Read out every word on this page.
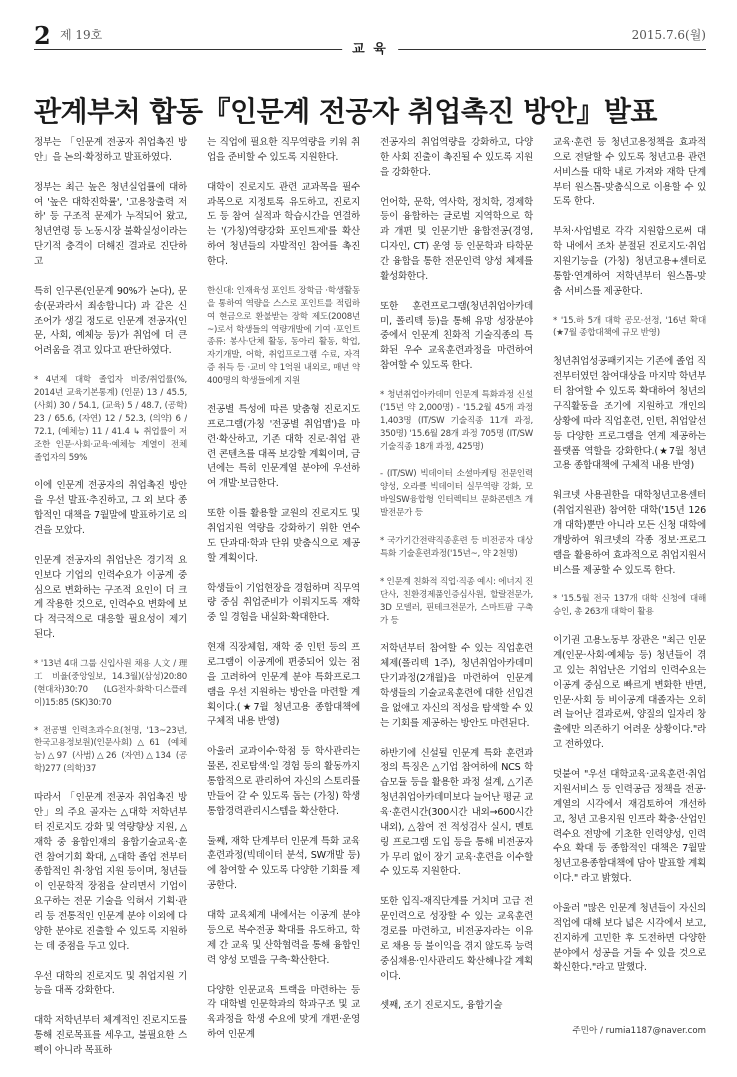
2 제 19호	2015.7.6(월)
교 육
관계부처 합동『인문계 전공자 취업촉진 방안』발표

정부는 「인문계 전공자 취업촉진 방안」을 논의·확정하고 발표하였다.

정부는 최근 높은 청년실업률에 대하여 '높은 대학진학률', '고용창출력 저하' 등 구조적 문제가 누적되어 왔고, 청년연령 등 노동시장 불확실성이라는 단기적 충격이 더해진 결과로 진단하고

특히 인구론(인문계 90%가 논다), 문송(문과라서 죄송합니다) 과 같은 신조어가 생길 정도로 인문계 전공자(인문, 사회, 예체능 등)가 취업에 더 큰 어려움을 겪고 있다고 판단하였다.

* 4년제 대학 졸업자 비중/취업률(%, 2014년 교육기본통계) (인문) 13 / 45.5, (사회) 30 / 54.1, (교육) 5 / 48.7, (공학) 23 / 65.6, (자연) 12 / 52.3, (의약) 6 / 72.1, (예체능) 11 / 41.4 ↳ 취업률이 저조한 인문·사회·교육·예체능 계열이 전체 졸업자의 59%

이에 인문계 전공자의 취업촉진 방안을 우선 발표·추진하고, 그 외 보다 종합적인 대책을 7월말에 발표하기로 의견을 모았다.

인문계 전공자의 취업난은 경기적 요인보다 기업의 인력수요가 이공계 중심으로 변화하는 구조적 요인이 더 크게 작용한 것으로, 인력수요 변화에 보다 적극적으로 대응할 필요성이 제기된다.

* '13년 4대 그룹 신입사원 채용 人文 / 理工 비율(중앙일보, 14.3월)(삼성)20:80 (현대차)30:70 (LG전자·화학·디스플레이)15:85 (SK)30:70
* 전공별 인력초과수요(천명, '13~23년, 한국고용정보원)(인문사회)△61 (예체능)△97 (사범)△26 (자연)△134 (공학)277 (의학)37

따라서 「인문계 전공자 취업촉진 방안」의 주요 골자는 △대학 저학년부터 진로지도 강화 및 역량향상 지원, △재학 중 융합인재의 융합기술교육·훈련 참여기회 확대, △대학 졸업 전부터 종합적인 취·창업 지원 등이며, 청년들이 인문학적 장점을 살리면서 기업이 요구하는 전문 기술을 익혀서 기획·관리 등 전통적인 인문계 분야 이외에 다양한 분야로 진출할 수 있도록 지원하는 데 중점을 두고 있다.

우선 대학의 진로지도 및 취업지원 기능을 대폭 강화한다.

대학 저학년부터 체계적인 진로지도를 통해 진로목표를 세우고, 불필요한 스펙이 아니라 목표하

는 직업에 필요한 직무역량을 키워 취업을 준비할 수 있도록 지원한다.

대학이 진로지도 관련 교과목을 필수과목으로 지정토록 유도하고, 진로지도 등 참여 실적과 학습시간을 연결하는 '(가칭)역량강화 포인트제'를 확산하여 청년들의 자발적인 참여를 촉진한다.

한신대: 인재육성 포인트 장학금 ·학생활동을 통하여 역량을 스스로 포인트를 적립하여 현금으로 환불받는 장학 제도(2008년~)로서 학생들의 역량개발에 기여 ·포인트 종류: 봉사·단체 활동, 동아리 활동, 학업, 자기개발, 어학, 취업프로그램 수료, 자격증 취득 등 ·교비 약 1억원 내외로, 매년 약 400명의 학생들에게 지원

전공별 특성에 따른 맞춤형 진로지도 프로그램(가칭 '전공별 취업맵')을 마련·확산하고, 기존 대학 진로·취업 관련 콘텐츠를 대폭 보강할 계획이며, 금년에는 특히 인문계열 분야에 우선하여 개발·보급한다.

또한 이를 활용할 교원의 진로지도 및 취업지원 역량을 강화하기 위한 연수도 단과대·학과 단위 맞춤식으로 제공할 계획이다.

학생들이 기업현장을 경험하며 직무역량 중심 취업준비가 이뤄지도록 재학 중 일 경험을 내실화·확대한다.

현재 직장체험, 재학 중 인턴 등의 프로그램이 이공계에 편중되어 있는 점을 고려하여 인문계 분야 특화프로그램을 우선 지원하는 방안을 마련할 계획이다.(★7월 청년고용 종합대책에 구체적 내용 반영)

아울러 교과이수·학점 등 학사관리는 물론, 진로탐색·일 경험 등의 활동까지 통합적으로 관리하여 자신의 스토리를 만들어 갈 수 있도록 돕는 (가칭) 학생통합경력관리시스템을 확산한다.

둘째, 재학 단계부터 인문계 특화 교육훈련과정(빅데이터 분석, SW개발 등)에 참여할 수 있도록 다양한 기회를 제공한다.

대학 교육체계 내에서는 이공계 분야 등으로 복수전공 확대를 유도하고, 학제 간 교육 및 산학협력을 통해 융합인력 양성 모델을 구축·확산한다.

다양한 인문교육 트랙을 마련하는 등 각 대학별 인문학과의 학과구조 및 교육과정을 학생 수요에 맞게 개편·운영하여 인문계

전공자의 취업역량을 강화하고, 다양한 사회 진출이 촉진될 수 있도록 지원을 강화한다.

언어학, 문학, 역사학, 정치학, 경제학 등이 융합하는 글로벌 지역학으로 학과 개편 및 인문기반 융합전공(경영, 디자인, CT) 운영 등 인문학과 타학문 간 융합을 통한 전문인력 양성 체제를 활성화한다.

또한 훈련프로그램(청년취업아카데미, 폴리텍 등)을 통해 유망 성장분야 중에서 인문계 친화적 기술직종의 특화된 우수 교육훈련과정을 마련하여 참여할 수 있도록 한다.

* 청년취업아카데미 인문계 특화과정 신설('15년 약 2,000명) - '15.2월 45개 과정 1,403명 (IT/SW 기술직종 11개 과정, 350명) '15.6월 28개 과정 705명 (IT/SW 기술직종 18개 과정, 425명)
- (IT/SW) 빅데이터 소셜마케팅 전문인력 양성, 오라클 빅데이터 실무역량 강화, 모바일SW융합형 인터렉티브 문화콘텐츠 개발전문가 등
* 국가기간전략직종훈련 등 비전공자 대상 특화 기술훈련과정('15년~, 약 2천명)
* 인문계 친화적 직업·직종 예시: 에너지 진단사, 친환경제품인증심사원, 할랄전문가, 3D 모델러, 핀테크전문가, 스마트팜 구축가 등

저학년부터 참여할 수 있는 직업훈련 체제(폴리텍 1주), 청년취업아카데미 단기과정(2개월)을 마련하여 인문계 학생들의 기술교육훈련에 대한 선입견을 없애고 자신의 적성을 탐색할 수 있는 기회를 제공하는 방안도 마련된다.

하반기에 신설될 인문계 특화 훈련과정의 특징은 △기업 참여하에 NCS 학습모듈 등을 활용한 과정 설계, △기존 청년취업아카데미보다 늘어난 평균 교육·훈련시간(300시간 내외→600시간 내외), △참여 전 적성검사 실시, 멘토링 프로그램 도입 등을 통해 비전공자가 무리 없이 장기 교육·훈련을 이수할 수 있도록 지원한다.

또한 입직-재직단계를 거치며 고급 전문인력으로 성장할 수 있는 교육훈련 경로를 마련하고, 비전공자라는 이유로 채용 등 불이익을 겪지 않도록 능력중심채용·인사관리도 확산해나갈 계획이다.

셋째, 조기 진로지도, 융합기술

교육·훈련 등 청년고용정책을 효과적으로 전달할 수 있도록 청년고용 관련 서비스를 대학 내로 가져와 재학 단계부터 원스톱-맞춤식으로 이용할 수 있도록 한다.

부처·사업별로 각각 지원함으로써 대학 내에서 조차 분절된 진로지도·취업지원기능을 (가칭) 청년고용+센터로 통합·연계하여 저학년부터 원스톱-맞춤 서비스를 제공한다.

* '15.하 5개 대학 공모·선정, '16년 확대(★7월 종합대책에 규모 반영)

청년취업성공패키지는 기존에 졸업 직전부터였던 참여대상을 마지막 학년부터 참여할 수 있도록 확대하여 청년의 구직활동을 조기에 지원하고 개인의 상황에 따라 직업훈련, 인턴, 취업알선 등 다양한 프로그램을 연계 제공하는 플랫폼 역할을 강화한다.(★7월 청년고용 종합대책에 구체적 내용 반영)

워크넷 사용권한을 대학청년고용센터(취업지원관) 참여한 대학('15년 126개 대학)뿐만 아니라 모든 신청 대학에 개방하여 워크넷의 각종 정보·프로그램을 활용하여 효과적으로 취업지원서비스를 제공할 수 있도록 한다.

* '15.5월 전국 137개 대학 신청에 대해 승인, 총 263개 대학이 활용

이기권 고용노동부 장관은 "최근 인문계(인문·사회·예체능 등) 청년들이 겪고 있는 취업난은 기업의 인력수요는 이공계 중심으로 빠르게 변화한 반면, 인문·사회 등 비이공계 대졸자는 오히려 늘어난 결과로써, 양질의 일자리 창출에만 의존하기 어려운 상황이다."라고 전하였다.

덧붙여 "우선 대학교육·교육훈련·취업지원서비스 등 인력공급 정책을 전공·계열의 시각에서 재검토하여 개선하고, 청년 고용지원 인프라 확충·산업인력수요 전망에 기초한 인력양성, 인력수요 확대 등 종합적인 대책은 7월말 청년고용종합대책에 담아 발표할 계획이다." 라고 밝혔다.

아울러 "많은 인문계 청년들이 자신의 적업에 대해 보다 넓은 시각에서 보고, 진지하게 고민한 후 도전하면 다양한 분야에서 성공을 거둘 수 있을 것으로 확신한다."라고 말했다.

주민아 / rumia1187@naver.com
